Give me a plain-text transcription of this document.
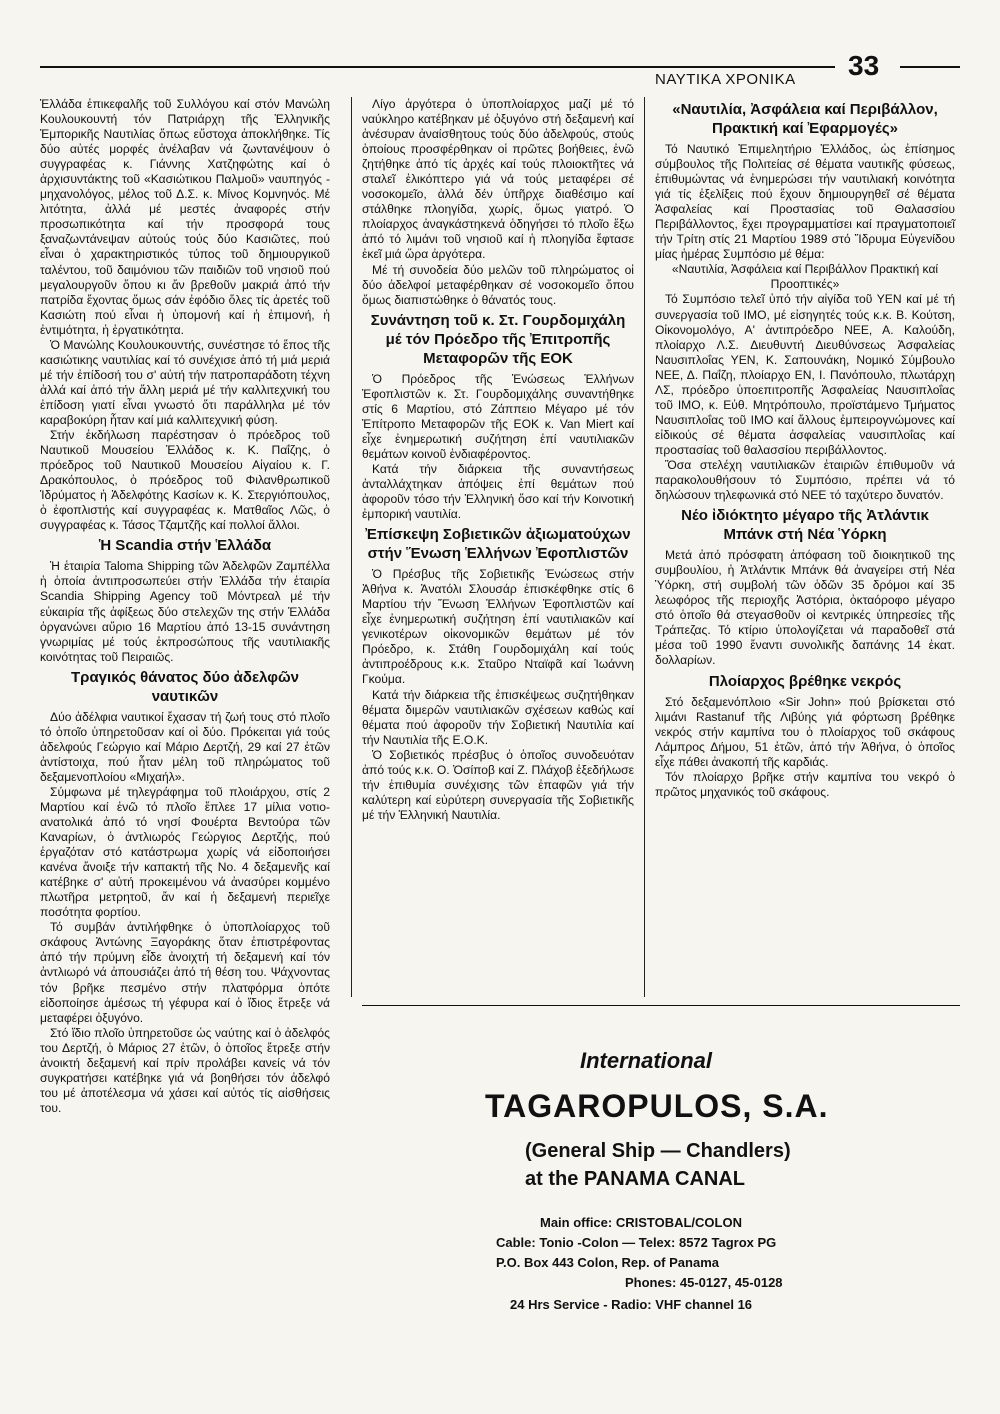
ΝΑΥΤΙΚΑ ΧΡΟΝΙΚΑ 33

Ἑλλάδα ἐπικεφαλῆς τοῦ Συλλόγου καί στόν Μανώλη Κουλουκουντή τόν Πατριάρχη τῆς Ἑλληνικῆς Ἐμπορικῆς Ναυτιλίας ὅπως εὔστοχα ἀποκλήθηκε. Τίς δύο αὐτές μορφές ἀνέλαβαν νά ζωντανέψουν ὁ συγγραφέας κ. Γιάννης Χατζηφώτης καί ὁ ἀρχισυντάκτης τοῦ «Κασιώτικου Παλμοῦ» ναυπηγός - μηχανολόγος, μέλος τοῦ Δ.Σ. κ. Μίνος Κομνηνός. Μέ λιτότητα, ἀλλά μέ μεστές ἀναφορές στήν προσωπικότητα καί τήν προσφορά τους ξαναζωντάνεψαν αὐτούς τούς δύο Κασιῶτες, πού εἶναι ὁ χαρακτηριστικός τύπος τοῦ δημιουργικοῦ ταλέντου, τοῦ δαιμόνιου τῶν παιδιῶν τοῦ νησιοῦ πού μεγαλουργοῦν ὅπου κι ἄν βρεθοῦν μακριά ἀπό τήν πατρίδα ἔχοντας ὅμως σάν ἐφόδιο ὅλες τίς ἀρετές τοῦ Κασιώτη πού εἶναι ἡ ὑπομονή καί ἡ ἐπιμονή, ἡ ἐντιμότητα, ἡ ἐργατικότητα.

Ὁ Μανώλης Κουλουκουντής, συνέστησε τό ἔπος τῆς κασιώτικης ναυτιλίας καί τό συνέχισε ἀπό τή μιά μεριά μέ τήν ἐπίδοσή του σ' αὐτή τήν πατροπαράδοτη τέχνη ἀλλά καί ἀπό τήν ἄλλη μεριά μέ τήν καλλιτεχνική του ἐπίδοση γιατί εἶναι γνωστό ὅτι παράλληλα μέ τόν καραβοκύρη ἦταν καί μιά καλλιτεχνική φύση.

Στήν ἐκδήλωση παρέστησαν ὁ πρόεδρος τοῦ Ναυτικοῦ Μουσείου Ἑλλάδος κ. Κ. Παΐζης, ὁ πρόεδρος τοῦ Ναυτικοῦ Μουσείου Αἰγαίου κ. Γ. Δρακόπουλος, ὁ πρόεδρος τοῦ Φιλανθρωπικοῦ Ἱδρύματος ἡ Ἀδελφότης Κασίων κ. Κ. Στεργιόπουλος, ὁ ἐφοπλιστής καί συγγραφέας κ. Ματθαῖος Λῶς, ὁ συγγραφέας κ. Τάσος Τζαμτζῆς καί πολλοί ἄλλοι.

Ἡ Scandia στήν Ἑλλάδα

Ἡ ἑταιρία Taloma Shipping τῶν Ἀδελφῶν Ζαμπέλλα ἡ ὁποία ἀντιπροσωπεύει στήν Ἑλλάδα τήν ἑταιρία Scandia Shipping Agency τοῦ Μόντρεαλ μέ τήν εὐκαιρία τῆς ἀφίξεως δύο στελεχῶν της στήν Ἑλλάδα ὀργανώνει αὔριο 16 Μαρτίου ἀπό 13-15 συνάντηση γνωριμίας μέ τούς ἐκπροσώπους τῆς ναυτιλιακῆς κοινότητας τοῦ Πειραιῶς.

Τραγικός θάνατος δύο ἀδελφῶν ναυτικῶν

Δύο ἀδέλφια ναυτικοί ἔχασαν τή ζωή τους στό πλοῖο τό ὁποῖο ὑπηρετοῦσαν καί οἱ δύο. Πρόκειται γιά τούς ἀδελφούς Γεώργιο καί Μάριο Δερτζή, 29 καί 27 ἐτῶν ἀντίστοιχα, πού ἦταν μέλη τοῦ πληρώματος τοῦ δεξαμενοπλοίου «Μιχαήλ».

Σύμφωνα μέ τηλεγράφημα τοῦ πλοιάρχου, στίς 2 Μαρτίου καί ἐνῶ τό πλοῖο ἔπλεε 17 μίλια νοτιο-ανατολικά ἀπό τό νησί Φουέρτα Βεντούρα τῶν Καναρίων, ὁ ἀντλιωρός Γεώργιος Δερτζής, πού ἐργαζόταν στό κατάστρωμα χωρίς νά εἰδοποιήσει κανένα ἄνοιξε τήν καπακτή τῆς Νο. 4 δεξαμενῆς καί κατέβηκε σ' αὐτή προκειμένου νά ἀνασύρει κομμένο πλωτῆρα μετρητοῦ, ἄν καί ἡ δεξαμενή περιεῖχε ποσότητα φορτίου.

Τό συμβάν ἀντιλήφθηκε ὁ ὑποπλοίαρχος τοῦ σκάφους Ἀντώνης Ξαγοράκης ὅταν ἐπιστρέφοντας ἀπό τήν πρύμνη εἶδε ἀνοιχτή τή δεξαμενή καί τόν ἀντλιωρό νά ἀπουσιάζει ἀπό τή θέση του. Ψάχνοντας τόν βρῆκε πεσμένο στήν πλατφόρμα ὁπότε εἰδοποίησε ἀμέσως τή γέφυρα καί ὁ ἴδιος ἔτρεξε νά μεταφέρει ὀξυγόνο.

Στό ἴδιο πλοῖο ὑπηρετοῦσε ὡς ναύτης καί ὁ ἀδελφός του Δερτζή, ὁ Μάριος 27 ἐτῶν, ὁ ὁποῖος ἔτρεξε στήν ἀνοικτή δεξαμενή καί πρίν προλάβει κανείς νά τόν συγκρατήσει κατέβηκε γιά νά βοηθήσει τόν ἀδελφό του μέ ἀποτέλεσμα νά χάσει καί αὐτός τίς αἰσθήσεις του.

Λίγο ἀργότερα ὁ ὑποπλοίαρχος μαζί μέ τό ναύκληρο κατέβηκαν μέ ὀξυγόνο στή δεξαμενή καί ἀνέσυραν ἀναίσθητους τούς δύο ἀδελφούς, στούς ὁποίους προσφέρθηκαν οἱ πρῶτες βοήθειες, ἐνῶ ζητήθηκε ἀπό τίς ἀρχές καί τούς πλοιοκτῆτες νά σταλεῖ ἑλικόπτερο γιά νά τούς μεταφέρει σέ νοσοκομεῖο, ἀλλά δέν ὑπῆρχε διαθέσιμο καί στάλθηκε πλοηγίδα, χωρίς, ὅμως γιατρό. Ὁ πλοίαρχος ἀναγκάστηκενά ὁδηγήσει τό πλοῖο ἔξω ἀπό τό λιμάνι τοῦ νησιοῦ καί ἡ πλοηγίδα ἔφτασε ἐκεῖ μιά ὥρα ἀργότερα.

Μέ τή συνοδεία δύο μελῶν τοῦ πληρώματος οἱ δύο ἀδελφοί μεταφέρθηκαν σέ νοσοκομεῖο ὅπου ὅμως διαπιστώθηκε ὁ θάνατός τους.

Συνάντηση τοῦ κ. Στ. Γουρδομιχάλη μέ τόν Πρόεδρο τῆς Ἐπιτροπῆς Μεταφορῶν τῆς ΕΟΚ

Ὁ Πρόεδρος τῆς Ἑνώσεως Ἑλλήνων Ἐφοπλιστῶν κ. Στ. Γουρδομιχάλης συναντήθηκε στίς 6 Μαρτίου, στό Ζάππειο Μέγαρο μέ τόν Ἐπίτροπο Μεταφορῶν τῆς ΕΟΚ κ. Van Miert καί εἶχε ἐνημερωτική συζήτηση ἐπί ναυτιλιακῶν θεμάτων κοινοῦ ἐνδιαφέροντος.

Κατά τήν διάρκεια τῆς συναντήσεως ἀνταλλάχτηκαν ἀπόψεις ἐπί θεμάτων πού ἀφοροῦν τόσο τήν Ἑλληνική ὅσο καί τήν Κοινοτική ἐμπορική ναυτιλία.

Ἐπίσκεψη Σοβιετικῶν ἀξιωματούχων στήν Ἕνωση Ἑλλήνων Ἐφοπλιστῶν

Ὁ Πρέσβυς τῆς Σοβιετικῆς Ἑνώσεως στήν Ἀθήνα κ. Ἀνατόλι Σλουσάρ ἐπισκέφθηκε στίς 6 Μαρτίου τήν Ἕνωση Ἑλλήνων Ἐφοπλιστῶν καί εἶχε ἐνημερωτική συζήτηση ἐπί ναυτιλιακῶν καί γενικοτέρων οἰκονομικῶν θεμάτων μέ τόν Πρόεδρο, κ. Στάθη Γουρδομιχάλη καί τούς ἀντιπροέδρους κ.κ. Σταῦρο Νταϊφᾶ καί Ἰωάννη Γκούμα.

Κατά τήν διάρκεια τῆς ἐπισκέψεως συζητήθηκαν θέματα διμερῶν ναυτιλιακῶν σχέσεων καθώς καί θέματα πού ἀφοροῦν τήν Σοβιετική Ναυτιλία καί τήν Ναυτιλία τῆς Ε.Ο.Κ.

Ὁ Σοβιετικός πρέσβυς ὁ ὁποῖος συνοδευόταν ἀπό τούς κ.κ. Ο. Ὀσίποβ καί Ζ. Πλάχοβ ἐξεδήλωσε τήν ἐπιθυμία συνέχισης τῶν ἐπαφῶν γιά τήν καλύτερη καί εὐρύτερη συνεργασία τῆς Σοβιετικῆς μέ τήν Ἑλληνική Ναυτιλία.

«Ναυτιλία, Ἀσφάλεια καί Περιβάλλον, Πρακτική καί Ἐφαρμογές»

Τό Ναυτικό Ἐπιμελητήριο Ἑλλάδος, ὡς ἐπίσημος σύμβουλος τῆς Πολιτείας σέ θέματα ναυτικῆς φύσεως, ἐπιθυμώντας νά ἐνημερώσει τήν ναυτιλιακή κοινότητα γιά τίς ἐξελίξεις πού ἔχουν δημιουργηθεῖ σέ θέματα Ἀσφαλείας καί Προστασίας τοῦ Θαλασσίου Περιβάλλοντος, ἔχει προγραμματίσει καί πραγματοποιεῖ τήν Τρίτη στίς 21 Μαρτίου 1989 στό Ἵδρυμα Εὐγενίδου μίας ἡμέρας Συμπόσιο μέ θέμα:

«Ναυτιλία, Ἀσφάλεια καί Περιβάλλον Πρακτική καί Προοπτικές»

Τό Συμπόσιο τελεῖ ὑπό τήν αἰγίδα τοῦ ΥΕΝ καί μέ τή συνεργασία τοῦ ΙΜΟ, μέ εἰσηγητές τούς κ.κ. Β. Κούτση, Οἰκονομολόγο, Α' ἀντιπρόεδρο ΝΕΕ, Α. Καλούδη, πλοίαρχο Λ.Σ. Διευθυντή Διευθύνσεως Ἀσφαλείας Ναυσιπλοΐας ΥΕΝ, Κ. Σαπουνάκη, Νομικό Σύμβουλο ΝΕΕ, Δ. Παΐζη, πλοίαρχο ΕΝ, Ι. Πανόπουλο, πλωτάρχη ΛΣ, πρόεδρο ὑποεπιτροπῆς Ἀσφαλείας Ναυσιπλοΐας τοῦ ΙΜΟ, κ. Εὐθ. Μητρόπουλο, προϊστάμενο Τμήματος Ναυσιπλοΐας τοῦ ΙΜΟ καί ἄλλους ἐμπειρογνώμονες καί εἰδικούς σέ θέματα ἀσφαλείας ναυσιπλοΐας καί προστασίας τοῦ θαλασσίου περιβάλλοντος.

Ὅσα στελέχη ναυτιλιακῶν ἑταιριῶν ἐπιθυμοῦν νά παρακολουθήσουν τό Συμπόσιο, πρέπει νά τό δηλώσουν τηλεφωνικά στό ΝΕΕ τό ταχύτερο δυνατόν.

Νέο ἰδιόκτητο μέγαρο τῆς Ἀτλάντικ Μπάνκ στή Νέα Ὑόρκη

Μετά ἀπό πρόσφατη ἀπόφαση τοῦ διοικητικοῦ της συμβουλίου, ἡ Ἀτλάντικ Μπάνκ θά ἀναγείρει στή Νέα Ὑόρκη, στή συμβολή τῶν ὁδῶν 35 δρόμοι καί 35 λεωφόρος τῆς περιοχῆς Ἀστόρια, ὀκταόροφο μέγαρο στό ὁποῖο θά στεγασθοῦν οἱ κεντρικές ὑπηρεσίες τῆς Τράπεζας. Τό κτίριο ὑπολογίζεται νά παραδοθεῖ στά μέσα τοῦ 1990 ἔναντι συνολικῆς δαπάνης 14 ἑκατ. δολλαρίων.

Πλοίαρχος βρέθηκε νεκρός

Στό δεξαμενόπλοιο «Sir John» πού βρίσκεται στό λιμάνι Rastanuf τῆς Λιβύης γιά φόρτωση βρέθηκε νεκρός στήν καμπίνα του ὁ πλοίαρχος τοῦ σκάφους Λάμπρος Δήμου, 51 ἐτῶν, ἀπό τήν Ἀθήνα, ὁ ὁποῖος εἶχε πάθει ἀνακοπή τῆς καρδιάς.

Τόν πλοίαρχο βρῆκε στήν καμπίνα του νεκρό ὁ πρῶτος μηχανικός τοῦ σκάφους.

International
TAGAROPULOS, S.A.
(General Ship — Chandlers)
at the PANAMA CANAL
Main office: CRISTOBAL/COLON
Cable: Tonio -Colon — Telex: 8572 Tagrox PG
P.O. Box 443 Colon, Rep. of Panama
Phones: 45-0127, 45-0128
24 Hrs Service - Radio: VHF channel 16
